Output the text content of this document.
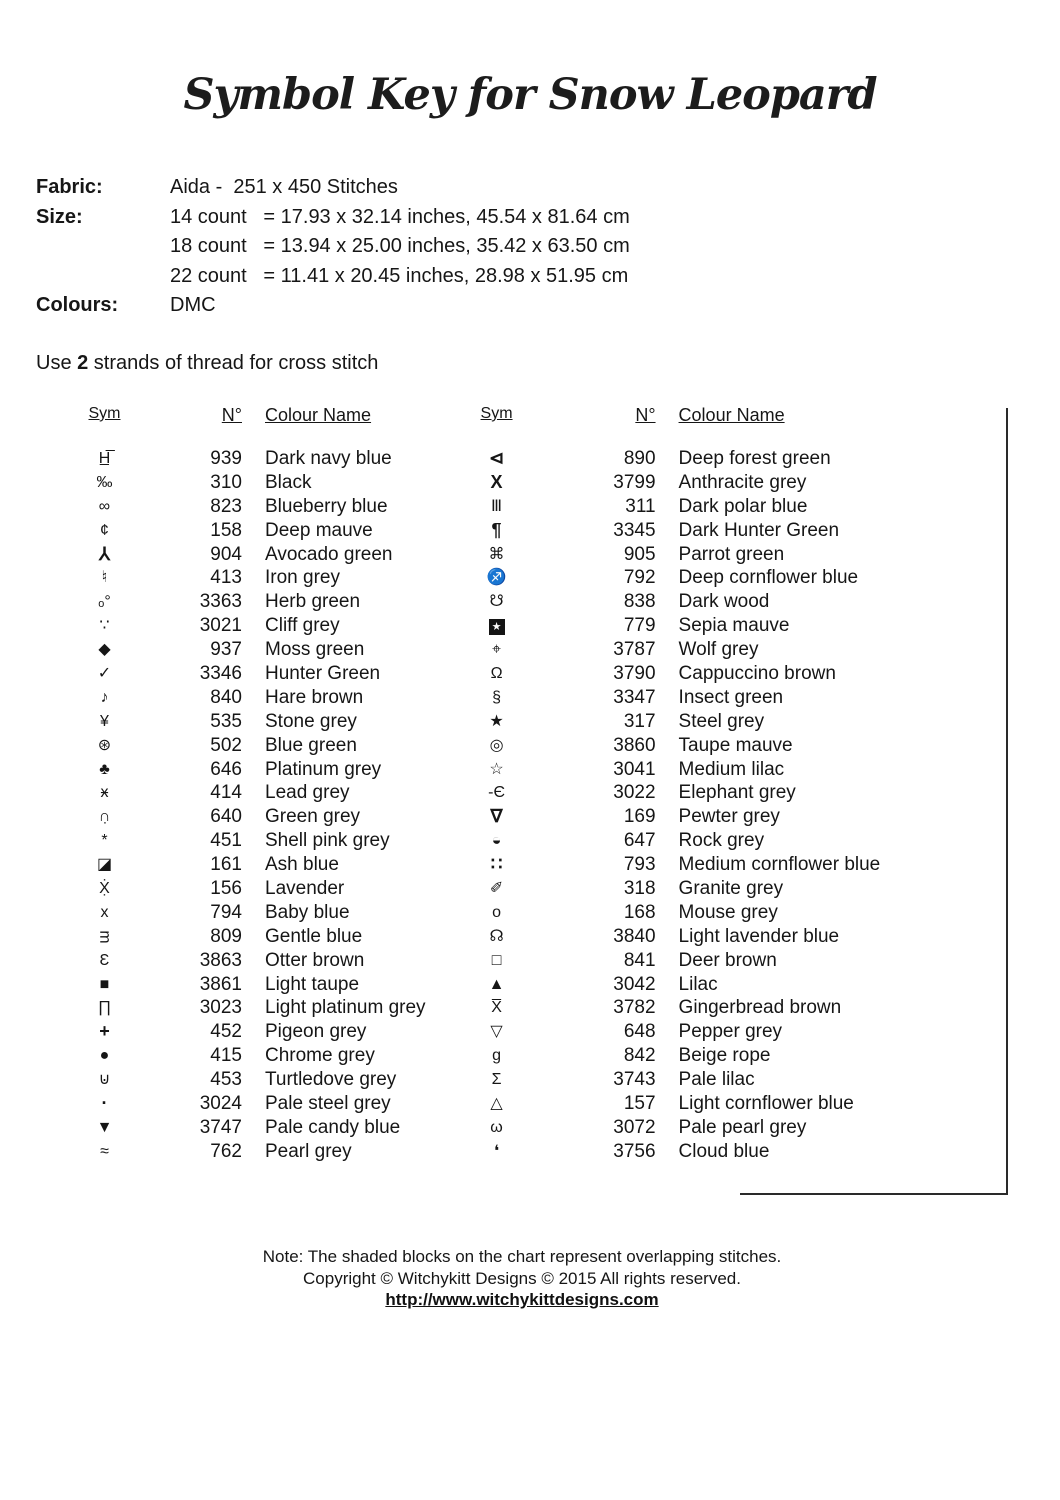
Symbol Key for Snow Leopard
Fabric:	Aida -  251 x 450 Stitches
Size:	14 count   = 17.93 x 32.14 inches, 45.54 x 81.64 cm
18 count   = 13.94 x 25.00 inches, 35.42 x 63.50 cm
22 count   = 11.41 x 20.45 inches, 28.98 x 51.95 cm
Colours:	DMC
Use 2 strands of thread for cross stitch
Sym	N° Colour Name
H̲̅	939 Dark navy blue
‰	310 Black
∞	823 Blueberry blue
¢	158 Deep mauve
⅄	904 Avocado green
♮	413 Iron grey
ₒ°	3363 Herb green
∵	3021 Cliff grey
◆	937 Moss green
✓	3346 Hunter Green
♪	840 Hare brown
¥	535 Stone grey
⊛	502 Blue green
♣	646 Platinum grey
ӿ	414 Lead grey
∩̣	640 Green grey
*	451 Shell pink grey
◪	161 Ash blue
Ẋ̣	156 Lavender
x	794 Baby blue
ᴟ	809 Gentle blue
Ɛ	3863 Otter brown
■	3861 Light taupe
∏	3023 Light platinum grey
+	452 Pigeon grey
●	415 Chrome grey
⊍	453 Turtledove grey
·	3024 Pale steel grey
▼	3747 Pale candy blue
≈	762 Pearl grey
Sym	N° Colour Name
⊲	890 Deep forest green
X	3799 Anthracite grey
Ⅲ	311 Dark polar blue
¶	3345 Dark Hunter Green
⌘	905 Parrot green
♐	792 Deep cornflower blue
☋	838 Dark wood
★	779 Sepia mauve
⌖	3787 Wolf grey
Ω	3790 Cappuccino brown
§	3347 Insect green
★	317 Steel grey
◎	3860 Taupe mauve
☆	3041 Medium lilac
-Є	3022 Elephant grey
∇	169 Pewter grey
◒	647 Rock grey
∷	793 Medium cornflower blue
✐	318 Granite grey
o	168 Mouse grey
☊	3840 Light lavender blue
□	841 Deer brown
▲	3042 Lilac
X̅	3782 Gingerbread brown
▽	648 Pepper grey
g	842 Beige rope
Σ	3743 Pale lilac
△	157 Light cornflower blue
ω	3072 Pale pearl grey
❛	3756 Cloud blue
Note: The shaded blocks on the chart represent overlapping stitches.
Copyright © Witchykitt Designs © 2015 All rights reserved.
http://www.witchykittdesigns.com
